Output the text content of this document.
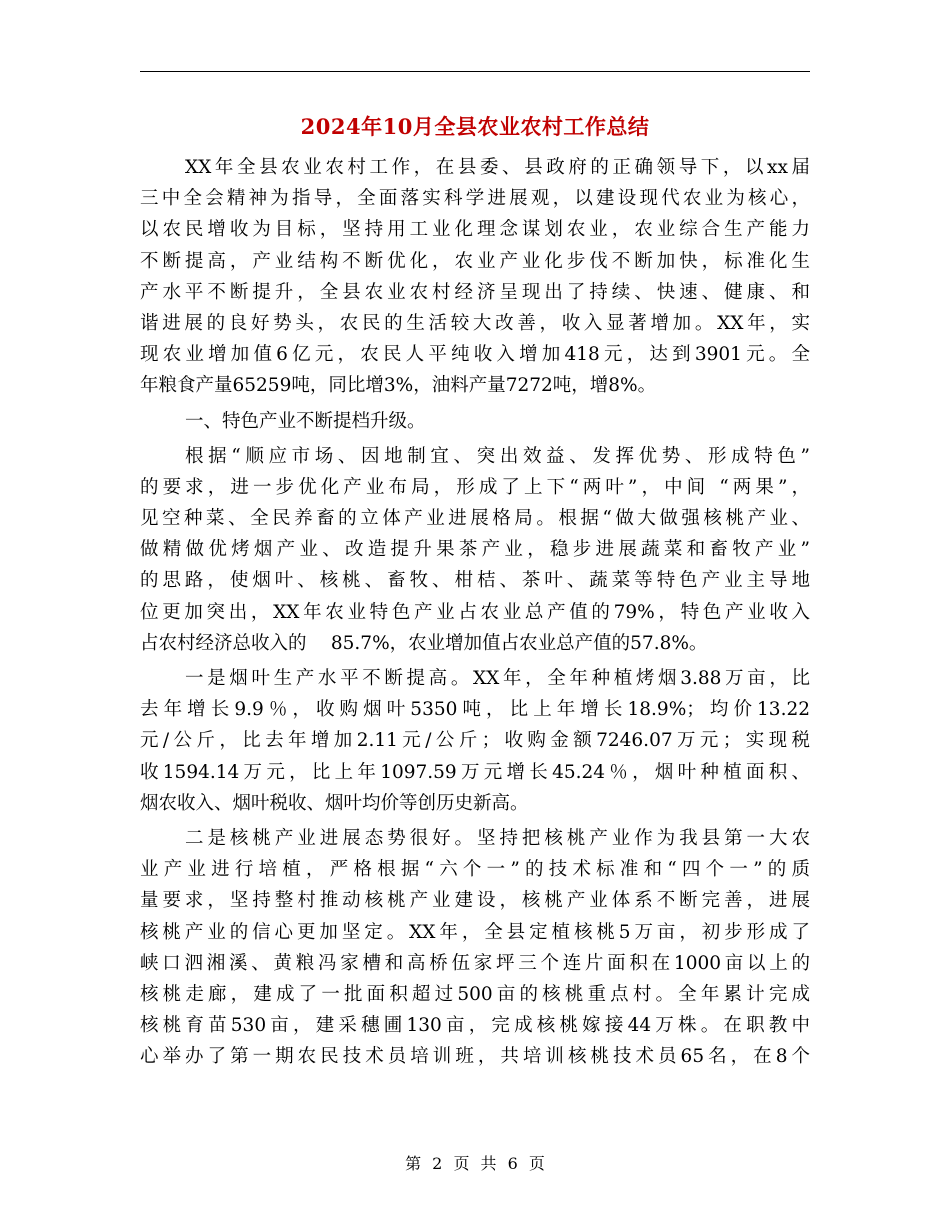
2024年10月全县农业农村工作总结
XX年全县农业农村工作，在县委、县政府的正确领导下，以xx届
三中全会精神为指导，全面落实科学进展观，以建设现代农业为核心，
以农民增收为目标，坚持用工业化理念谋划农业，农业综合生产能力
不断提高，产业结构不断优化，农业产业化步伐不断加快，标准化生
产水平不断提升，全县农业农村经济呈现出了持续、快速、健康、和
谐进展的良好势头，农民的生活较大改善，收入显著增加。XX年，实
现农业增加值6亿元，农民人平纯收入增加418元，达到3901元。全
年粮食产量65259吨，同比增3%，油料产量7272吨，增8%。
一、特色产业不断提档升级。
根据“顺应市场、因地制宜、突出效益、发挥优势、形成特色”
的要求，进一步优化产业布局，形成了上下“两叶”，中间 “两果”，
见空种菜、全民养畜的立体产业进展格局。根据“做大做强核桃产业、
做精做优烤烟产业、改造提升果茶产业，稳步进展蔬菜和畜牧产业”
的思路，使烟叶、核桃、畜牧、柑桔、茶叶、蔬菜等特色产业主导地
位更加突出，XX年农业特色产业占农业总产值的79%，特色产业收入
占农村经济总收入的　 85.7%，农业增加值占农业总产值的57.8%。
一是烟叶生产水平不断提高。XX年，全年种植烤烟3.88万亩，比
去年增长9.9％，收购烟叶5350吨，比上年增长18.9%；均价13.22
元/公斤，比去年增加2.11元/公斤；收购金额7246.07万元；实现税
收1594.14万元，比上年1097.59万元增长45.24％，烟叶种植面积、
烟农收入、烟叶税收、烟叶均价等创历史新高。
二是核桃产业进展态势很好。坚持把核桃产业作为我县第一大农
业产业进行培植，严格根据“六个一”的技术标准和“四个一”的质
量要求，坚持整村推动核桃产业建设，核桃产业体系不断完善，进展
核桃产业的信心更加坚定。XX年，全县定植核桃5万亩，初步形成了
峡口泗湘溪、黄粮冯家槽和高桥伍家坪三个连片面积在1000亩以上的
核桃走廊，建成了一批面积超过500亩的核桃重点村。全年累计完成
核桃育苗530亩，建采穗圃130亩，完成核桃嫁接44万株。在职教中
心举办了第一期农民技术员培训班，共培训核桃技术员65名，在8个
第 2 页 共 6 页
